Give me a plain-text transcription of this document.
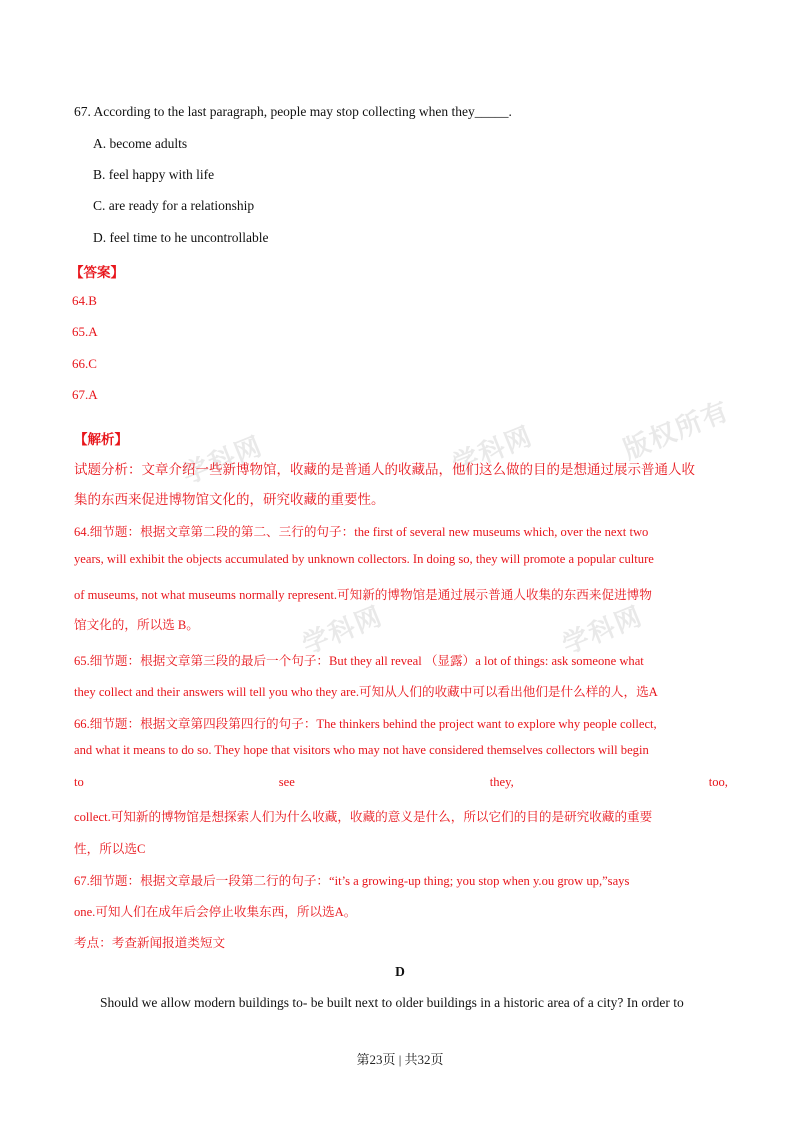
学科网	学科网	版权所有
学科网	学科网
67. According to the last paragraph, people may stop collecting when they_____.
A. become adults
B. feel happy with life
C. are ready for a relationship
D. feel time to he uncontrollable
【答案】
64.B
65.A
66.C
67.A
【解析】
试题分析：文章介绍一些新博物馆，收藏的是普通人的收藏品，他们这么做的目的是想通过展示普通人收
集的东西来促进博物馆文化的，研究收藏的重要性。
64.细节题：根据文章第二段的第二、三行的句子：the first of several new museums which, over the next two
years, will exhibit the objects accumulated by unknown collectors. In doing so, they will promote a popular culture
of museums, not what museums normally represent.可知新的博物馆是通过展示普通人收集的东西来促进博物
馆文化的，所以选 B。
65.细节题：根据文章第三段的最后一个句子：But they all reveal （显露）a lot of things: ask someone what
they collect and their answers will tell you who they are.可知从人们的收藏中可以看出他们是什么样的人，选A
66.细节题：根据文章第四段第四行的句子：The thinkers behind the project want to explore why people collect,
and what it means to do so. They hope that visitors who may not have considered themselves collectors will begin
to	see	they,	too,
collect.可知新的博物馆是想探索人们为什么收藏，收藏的意义是什么，所以它们的目的是研究收藏的重要
性，所以选C
67.细节题：根据文章最后一段第二行的句子：“it’s a growing-up thing; you stop when y.ou grow up,”says
one.可知人们在成年后会停止收集东西，所以选A。
考点：考查新闻报道类短文
D
Should we allow modern buildings to- be built next to older buildings in a historic area of a city? In order to
第23页 | 共32页
